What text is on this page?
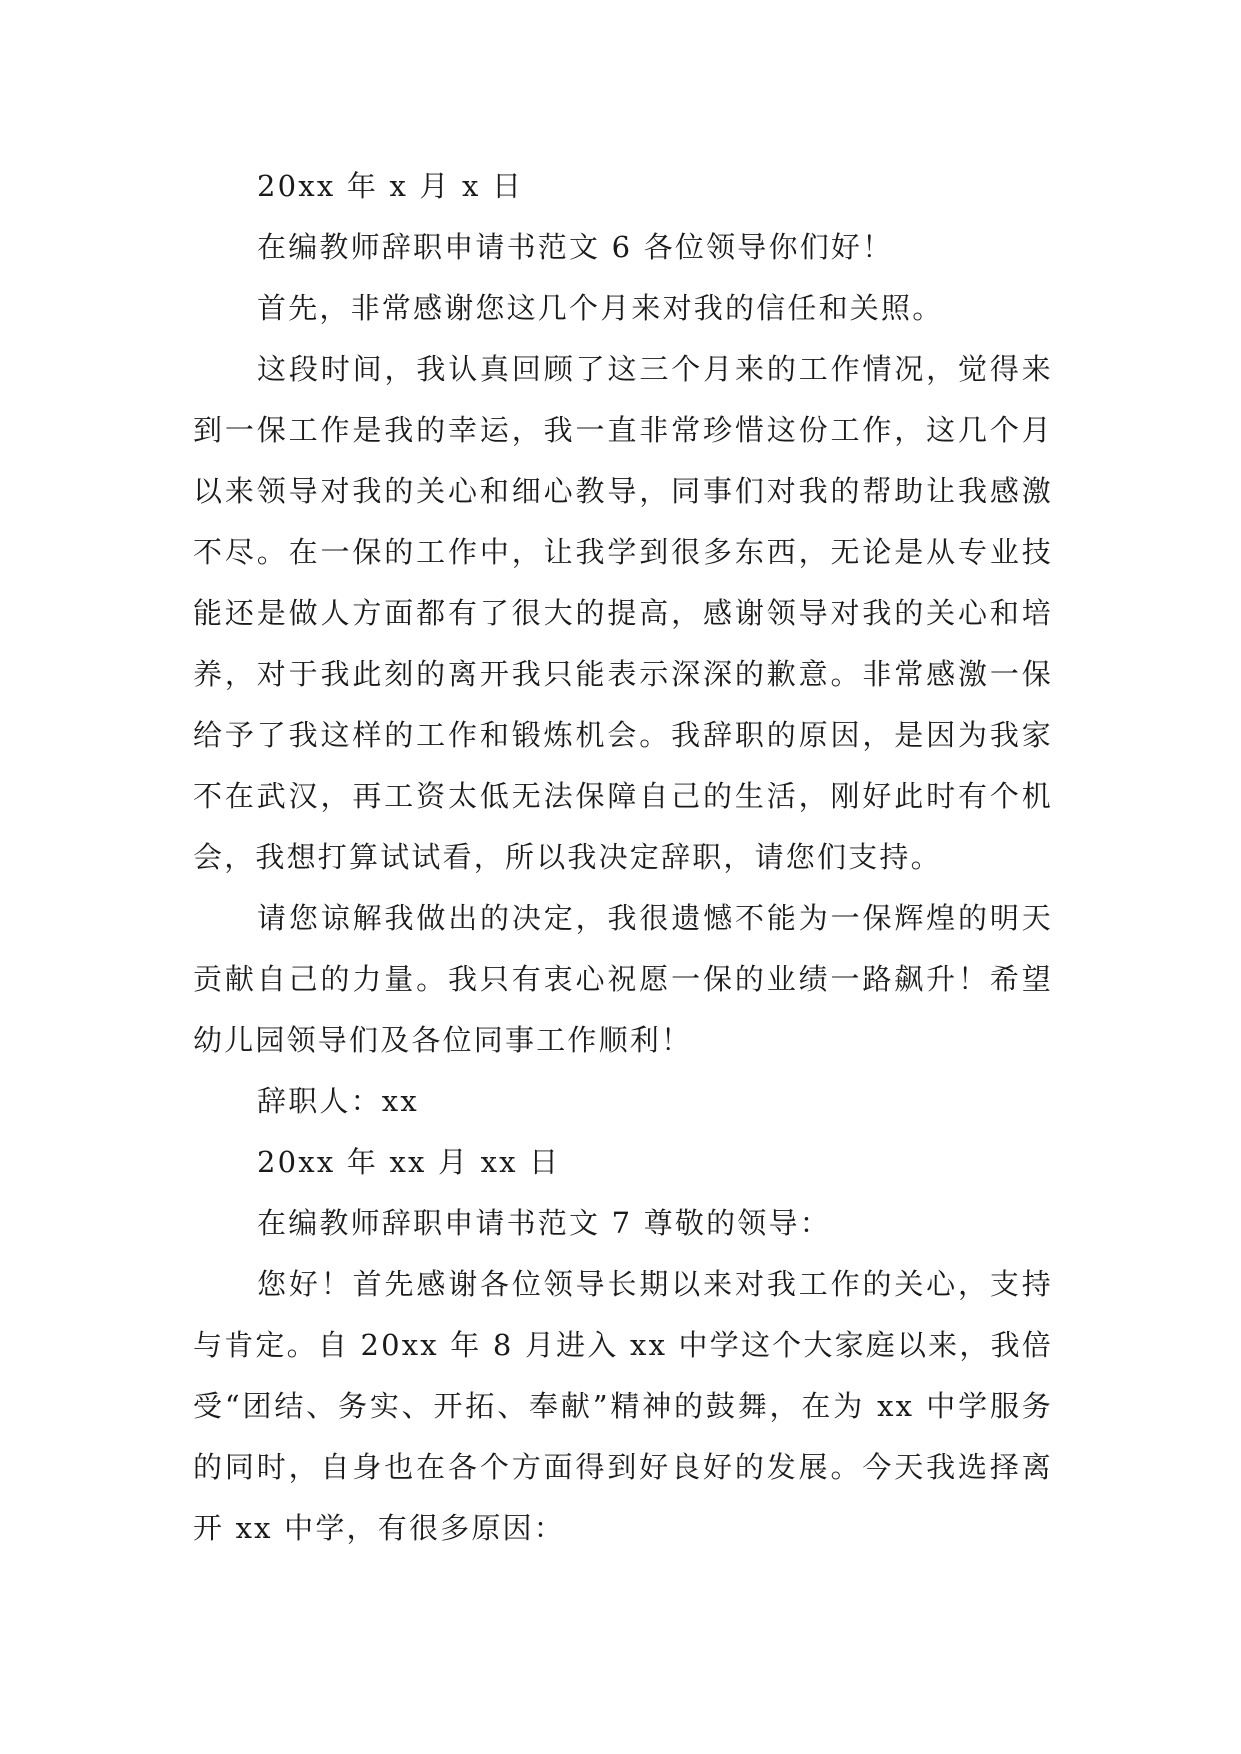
20xx 年 x 月 x 日

在编教师辞职申请书范文 6 各位领导你们好！

首先，非常感谢您这几个月来对我的信任和关照。

这段时间，我认真回顾了这三个月来的工作情况，觉得来到一保工作是我的幸运，我一直非常珍惜这份工作，这几个月以来领导对我的关心和细心教导，同事们对我的帮助让我感激不尽。在一保的工作中，让我学到很多东西，无论是从专业技能还是做人方面都有了很大的提高，感谢领导对我的关心和培养，对于我此刻的离开我只能表示深深的歉意。非常感激一保给予了我这样的工作和锻炼机会。我辞职的原因，是因为我家不在武汉，再工资太低无法保障自己的生活，刚好此时有个机会，我想打算试试看，所以我决定辞职，请您们支持。

请您谅解我做出的决定，我很遗憾不能为一保辉煌的明天贡献自己的力量。我只有衷心祝愿一保的业绩一路飙升！希望幼儿园领导们及各位同事工作顺利！

辞职人：xx

20xx 年 xx 月 xx 日

在编教师辞职申请书范文 7 尊敬的领导：

您好！首先感谢各位领导长期以来对我工作的关心，支持与肯定。自 20xx 年 8 月进入 xx 中学这个大家庭以来，我倍受“团结、务实、开拓、奉献”精神的鼓舞，在为 xx 中学服务的同时，自身也在各个方面得到好良好的发展。今天我选择离开 xx 中学，有很多原因：
